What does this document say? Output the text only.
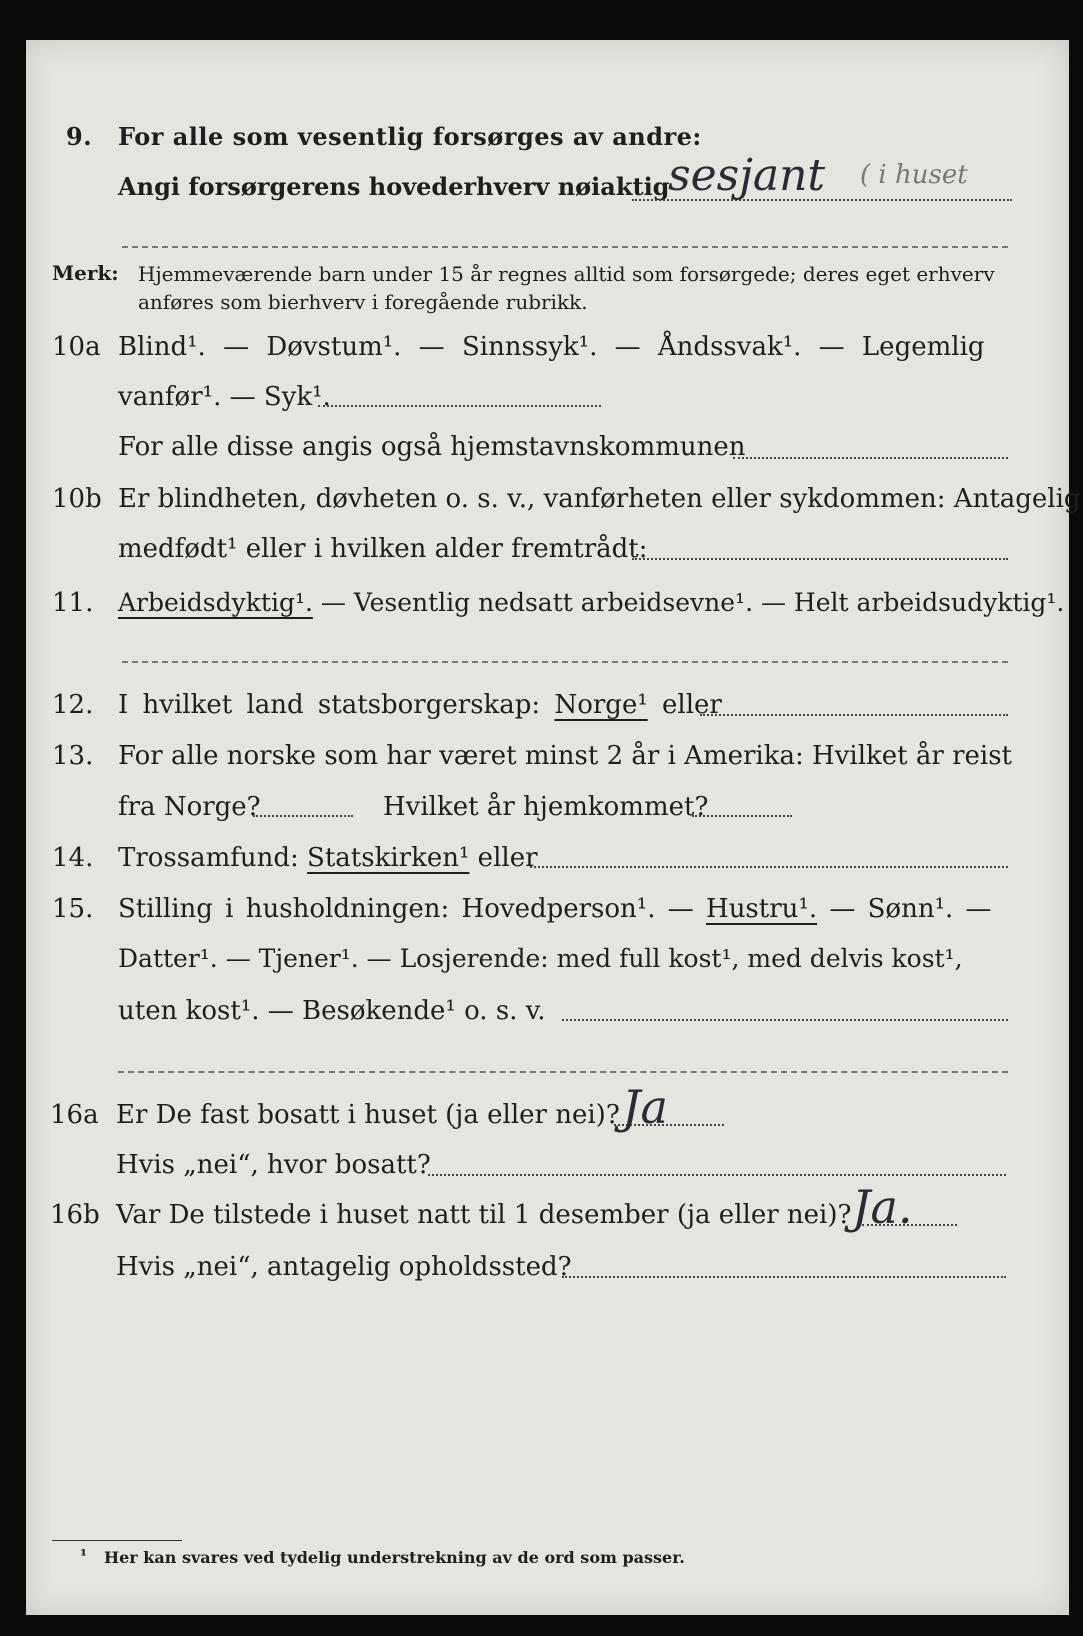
9. For alle som vesentlig forsørges av andre:
Angi forsørgerens hovederhverv nøiaktig
sesjant ( i huset
Merk: Hjemmeværende barn under 15 år regnes alltid som forsørgede; deres eget erhverv
anføres som bierhverv i foregående rubrikk.
10a Blind¹. — Døvstum¹. — Sinnssyk¹. — Åndssvak¹. — Legemlig
vanfør¹. — Syk¹.
For alle disse angis også hjemstavnskommunen
10b Er blindheten, døvheten o. s. v., vanførheten eller sykdommen: Antagelig
medfødt¹ eller i hvilken alder fremtrådt:
11. Arbeidsdyktig¹. — Vesentlig nedsatt arbeidsevne¹. — Helt arbeidsudyktig¹.
12. I hvilket land statsborgerskap: Norge¹ eller
13. For alle norske som har været minst 2 år i Amerika: Hvilket år reist
fra Norge?	Hvilket år hjemkommet?
14. Trossamfund: Statskirken¹ eller
15. Stilling i husholdningen: Hovedperson¹. — Hustru¹. — Sønn¹. —
Datter¹. — Tjener¹. — Losjerende: med full kost¹, med delvis kost¹,
uten kost¹. — Besøkende¹ o. s. v.
16a Er De fast bosatt i huset (ja eller nei)? Ja
Hvis „nei“, hvor bosatt?
16b Var De tilstede i huset natt til 1 desember (ja eller nei)? Ja.
Hvis „nei“, antagelig opholdssted?
¹ Her kan svares ved tydelig understrekning av de ord som passer.
